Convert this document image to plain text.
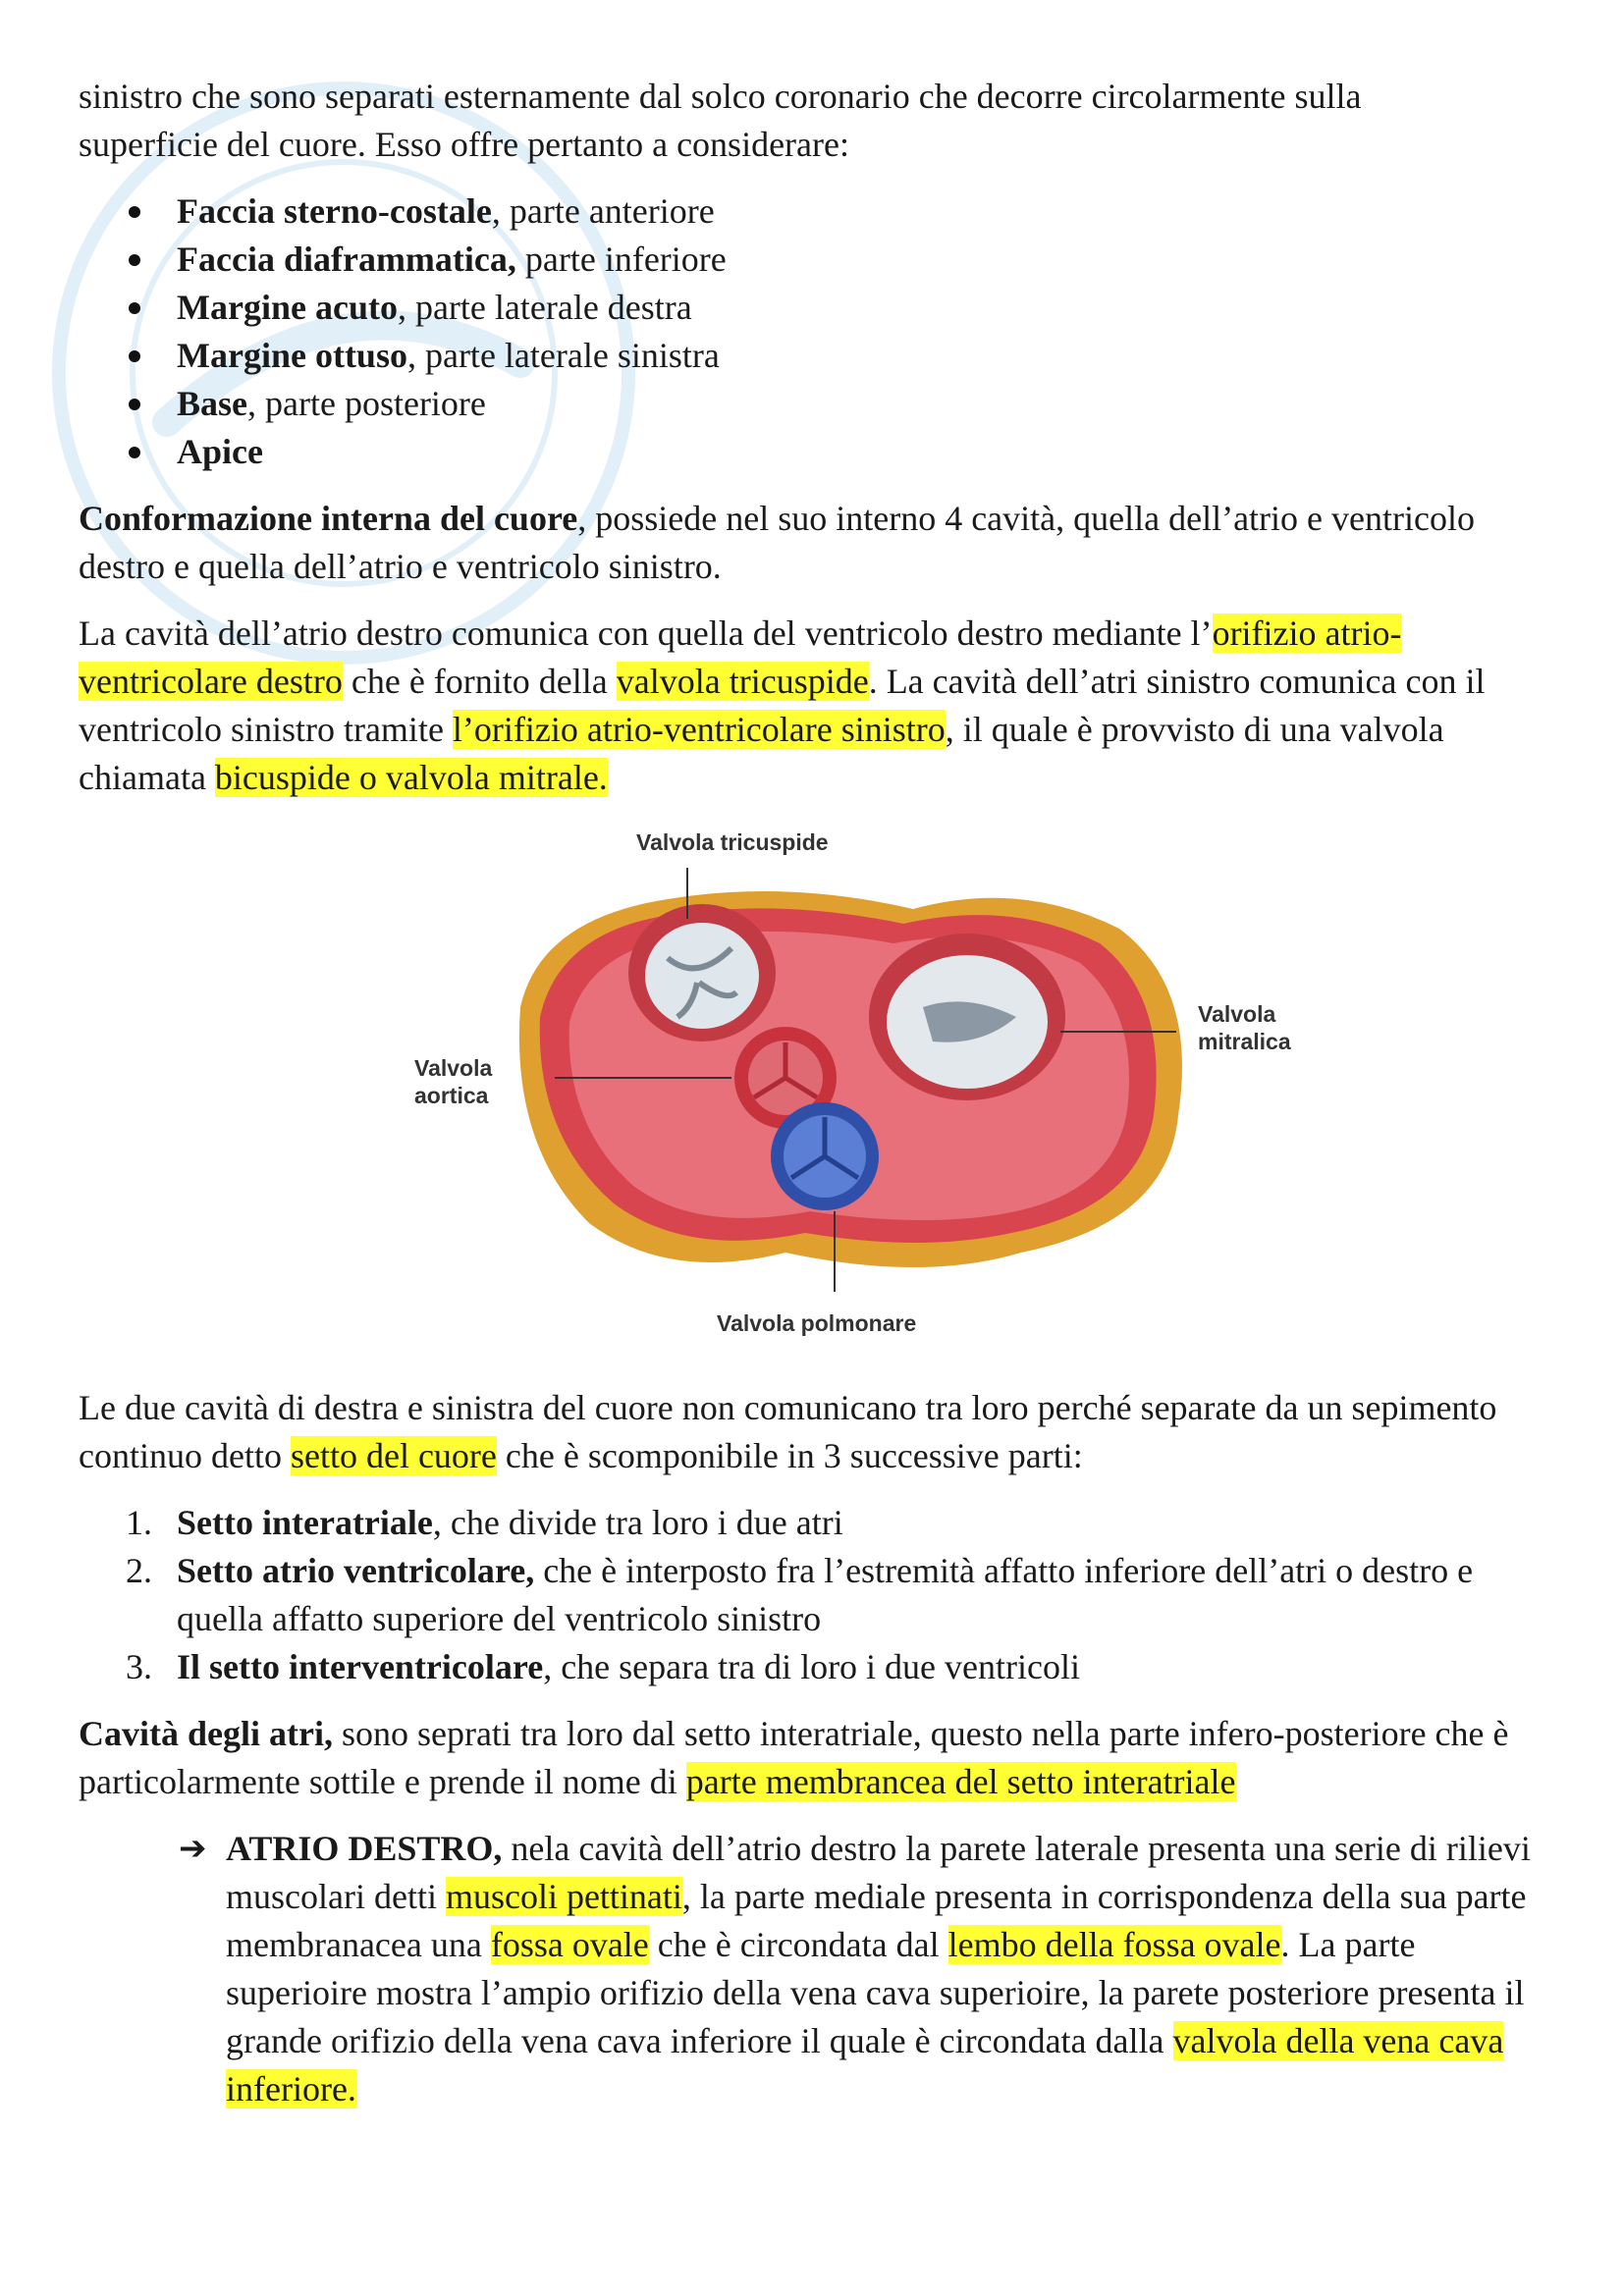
sinistro che sono separati esternamente dal solco coronario che decorre circolarmente sulla
superficie del cuore. Esso offre pertanto a considerare:

Faccia sterno-costale, parte anteriore
Faccia diaframmatica, parte inferiore
Margine acuto, parte laterale destra
Margine ottuso, parte laterale sinistra
Base, parte posteriore
Apice

Conformazione interna del cuore, possiede nel suo interno 4 cavità, quella dell’atrio e ventricolo destro e quella dell’atrio e ventricolo sinistro.

La cavità dell’atrio destro comunica con quella del ventricolo destro mediante l’orifizio atrio-ventricolare destro che è fornito della valvola tricuspide. La cavità dell’atri sinistro comunica con il ventricolo sinistro tramite l’orifizio atrio-ventricolare sinistro, il quale è provvisto di una valvola chiamata bicuspide o valvola mitrale.

Valvola tricuspide
Valvola
mitralica
Valvola
aortica
Valvola polmonare

Le due cavità di destra e sinistra del cuore non comunicano tra loro perché separate da un sepimento continuo detto setto del cuore che è scomponibile in 3 successive parti:

1. Setto interatriale, che divide tra loro i due atri
2. Setto atrio ventricolare, che è interposto fra l’estremità affatto inferiore dell’atri o destro e quella affatto superiore del ventricolo sinistro
3. Il setto interventricolare, che separa tra di loro i due ventricoli

Cavità degli atri, sono seprati tra loro dal setto interatriale, questo nella parte infero-posteriore che è particolarmente sottile e prende il nome di parte membrancea del setto interatriale

➔ ATRIO DESTRO, nela cavità dell’atrio destro la parete laterale presenta una serie di rilievi muscolari detti muscoli pettinati, la parte mediale presenta in corrispondenza della sua parte membranacea una fossa ovale che è circondata dal lembo della fossa ovale. La parte superioire mostra l’ampio orifizio della vena cava superioire, la parete posteriore presenta il grande orifizio della vena cava inferiore il quale è circondata dalla valvola della vena cava inferiore.
